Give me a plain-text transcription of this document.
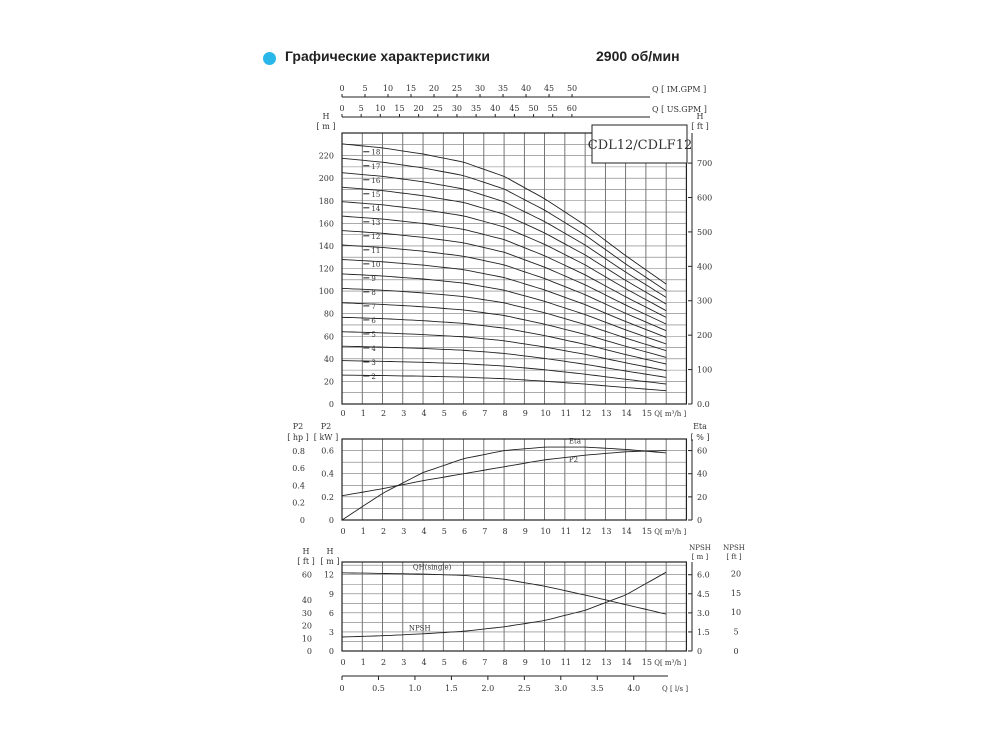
Графические характеристики	2900 об/мин
0 5 10 15 20 25 30 35 40 45 50	Q [ IM.GPM ]
0 5 10 15 20 25 30 35 40 45 50 55 60	Q [ US.GPM ]
18
17
16
15
14
13
12
11
10
9
8
7
6
5
4
3
2
H
[ m ]
0
20
40
60
80
100
120
140
160
180
200
220
H
[ ft ]
0.0
100
200
300
400
500
600
700
0 1 2 3 4 5 6 7 8 9 10 11 12 13 14 15 Q[ m³/h ]
Eta
P2
P2
[ hp ]
P2
[ kW ]
0
0.2
0.4
0.6
0.8
0
0.2
0.4
0.6
Eta
[ % ]
0
20
40
60
0 1 2 3 4 5 6 7 8 9 10 11 12 13 14 15 Q[ m³/h ]
QH(single)
NPSH
H
[ ft ]
H
[ m ]
0
10
20
30
40
60
0
3
6
9
12
NPSH
[ m ]
NPSH
[ ft ]
0
1.5
3.0
4.5
6.0
0
5
10
15
20
0 1 2 3 4 5 6 7 8 9 10 11 12 13 14 15 Q[ m³/h ]
0	0.5	1.0	1.5	2.0	2.5	3.0	3.5	4.0	Q [ l/s ]
CDL12/CDLF12
